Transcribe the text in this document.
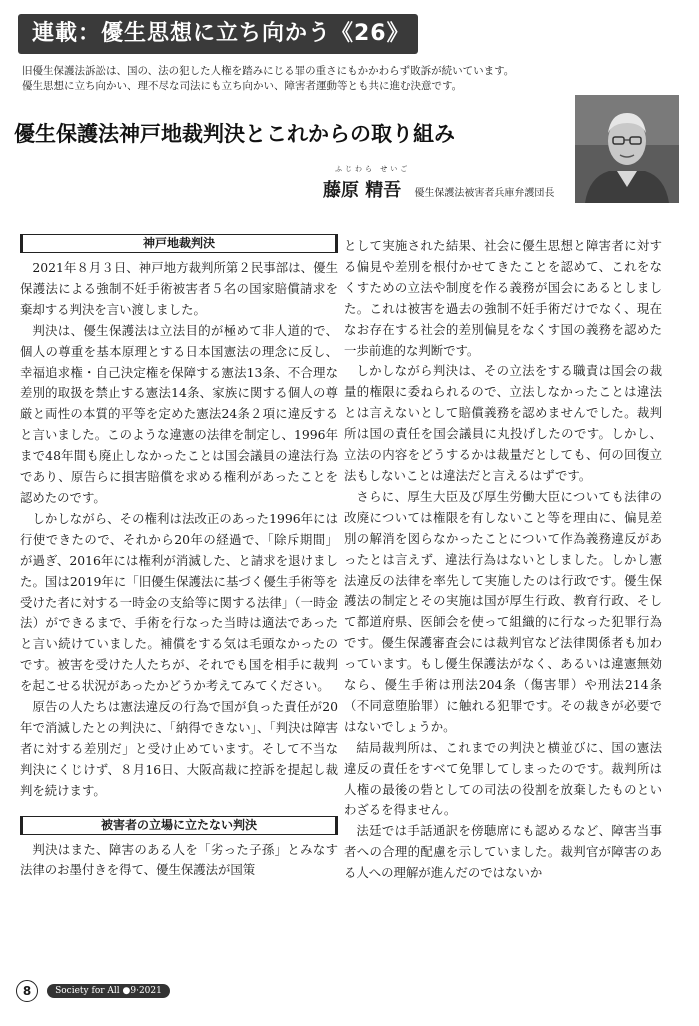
連載：優生思想に立ち向かう《26》
旧優生保護法訴訟は、国の、法の犯した人権を踏みにじる罪の重さにもかかわらず敗訴が続いています。
優生思想に立ち向かい、理不尽な司法にも立ち向かい、障害者運動等とも共に進む決意です。
優生保護法神戸地裁判決とこれからの取り組み
ふじわら せいご
藤原 精吾 優生保護法被害者兵庫弁護団長
神戸地裁判決

2021年８月３日、神戸地方裁判所第２民事部は、優生保護法による強制不妊手術被害者５名の国家賠償請求を棄却する判決を言い渡しました。

判決は、優生保護法は立法目的が極めて非人道的で、個人の尊重を基本原理とする日本国憲法の理念に反し、幸福追求権・自己決定権を保障する憲法13条、不合理な差別的取扱を禁止する憲法14条、家族に関する個人の尊厳と両性の本質的平等を定めた憲法24条２項に違反すると言いました。このような違憲の法律を制定し、1996年まで48年間も廃止しなかったことは国会議員の違法行為であり、原告らに損害賠償を求める権利があったことを認めたのです。

しかしながら、その権利は法改正のあった1996年には行使できたので、それから20年の経過で、「除斥期間」が過ぎ、2016年には権利が消滅した、と請求を退けました。国は2019年に「旧優生保護法に基づく優生手術等を受けた者に対する一時金の支給等に関する法律」（一時金法）ができるまで、手術を行なった当時は適法であったと言い続けていました。補償をする気は毛頭なかったのです。被害を受けた人たちが、それでも国を相手に裁判を起こせる状況があったかどうか考えてみてください。

原告の人たちは憲法違反の行為で国が負った責任が20年で消滅したとの判決に、「納得できない」、「判決は障害者に対する差別だ」と受け止めています。そして不当な判決にくじけず、８月16日、大阪高裁に控訴を提起し裁判を続けます。

被害者の立場に立たない判決

判決はまた、障害のある人を「劣った子孫」とみなす法律のお墨付きを得て、優生保護法が国策

として実施された結果、社会に優生思想と障害者に対する偏見や差別を根付かせてきたことを認めて、これをなくすための立法や制度を作る義務が国会にあるとしました。これは被害を過去の強制不妊手術だけでなく、現在なお存在する社会的差別偏見をなくす国の義務を認めた一歩前進的な判断です。

しかしながら判決は、その立法をする職責は国会の裁量的権限に委ねられるので、立法しなかったことは違法とは言えないとして賠償義務を認めませんでした。裁判所は国の責任を国会議員に丸投げしたのです。しかし、立法の内容をどうするかは裁量だとしても、何の回復立法もしないことは違法だと言えるはずです。

さらに、厚生大臣及び厚生労働大臣についても法律の改廃については権限を有しないこと等を理由に、偏見差別の解消を図らなかったことについて作為義務違反があったとは言えず、違法行為はないとしました。しかし憲法違反の法律を率先して実施したのは行政です。優生保護法の制定とその実施は国が厚生行政、教育行政、そして都道府県、医師会を使って組織的に行なった犯罪行為です。優生保護審査会には裁判官など法律関係者も加わっています。もし優生保護法がなく、あるいは違憲無効なら、優生手術は刑法204条（傷害罪）や刑法214条（不同意堕胎罪）に触れる犯罪です。その裁きが必要ではないでしょうか。

結局裁判所は、これまでの判決と横並びに、国の憲法違反の責任をすべて免罪してしまったのです。裁判所は人権の最後の砦としての司法の役割を放棄したものといわざるを得ません。

法廷では手話通訳を傍聴席にも認めるなど、障害当事者への合理的配慮を示していました。裁判官が障害のある人への理解が進んだのではないか

8	Society for All ●9·2021
